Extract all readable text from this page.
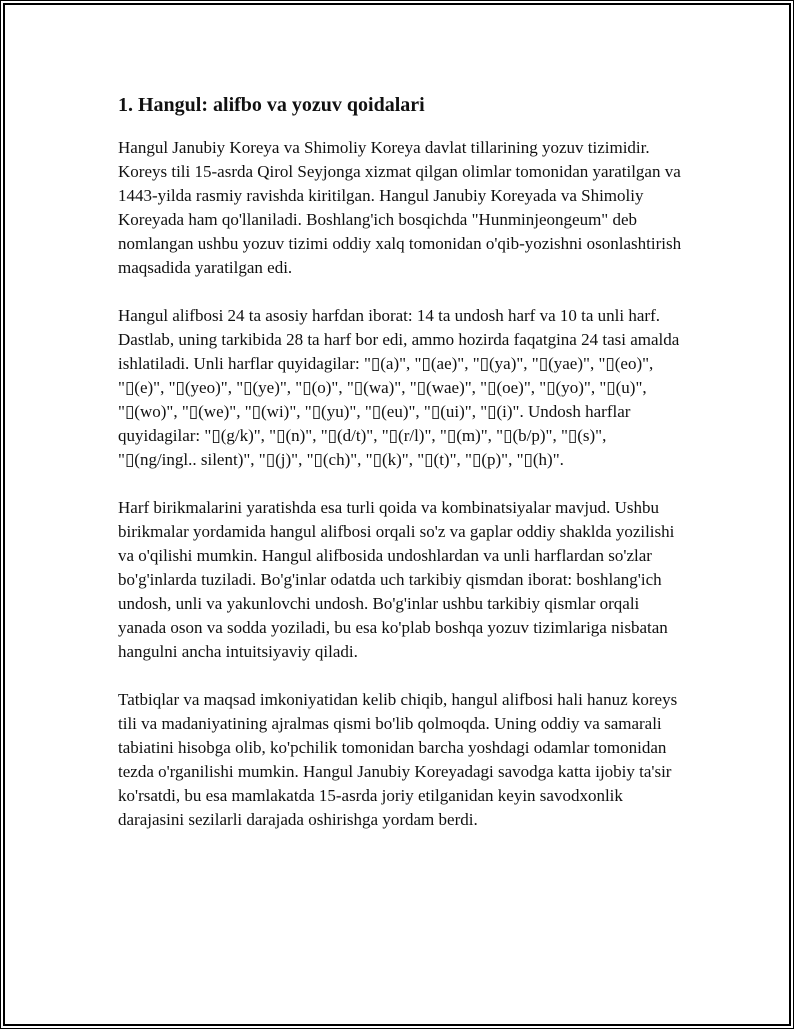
1. Hangul: alifbo va yozuv qoidalari

Hangul Janubiy Koreya va Shimoliy Koreya davlat tillarining yozuv tizimidir. Koreys tili 15-asrda Qirol Seyjonga xizmat qilgan olimlar tomonidan yaratilgan va 1443-yilda rasmiy ravishda kiritilgan. Hangul Janubiy Koreyada va Shimoliy Koreyada ham qo'llaniladi. Boshlang'ich bosqichda "Hunminjeongeum" deb nomlangan ushbu yozuv tizimi oddiy xalq tomonidan o'qib-yozishni osonlashtirish maqsadida yaratilgan edi.

Hangul alifbosi 24 ta asosiy harfdan iborat: 14 ta undosh harf va 10 ta unli harf. Dastlab, uning tarkibida 28 ta harf bor edi, ammo hozirda faqatgina 24 tasi amalda ishlatiladi. Unli harflar quyidagilar: "▯(a)", "▯(ae)", "▯(ya)", "▯(yae)", "▯(eo)", "▯(e)", "▯(yeo)", "▯(ye)", "▯(o)", "▯(wa)", "▯(wae)", "▯(oe)", "▯(yo)", "▯(u)", "▯(wo)", "▯(we)", "▯(wi)", "▯(yu)", "▯(eu)", "▯(ui)", "▯(i)". Undosh harflar quyidagilar: "▯(g/k)", "▯(n)", "▯(d/t)", "▯(r/l)", "▯(m)", "▯(b/p)", "▯(s)", "▯(ng/ingl.. silent)", "▯(j)", "▯(ch)", "▯(k)", "▯(t)", "▯(p)", "▯(h)".

Harf birikmalarini yaratishda esa turli qoida va kombinatsiyalar mavjud. Ushbu birikmalar yordamida hangul alifbosi orqali so'z va gaplar oddiy shaklda yozilishi va o'qilishi mumkin. Hangul alifbosida undoshlardan va unli harflardan so'zlar bo'g'inlarda tuziladi. Bo'g'inlar odatda uch tarkibiy qismdan iborat: boshlang'ich undosh, unli va yakunlovchi undosh. Bo'g'inlar ushbu tarkibiy qismlar orqali yanada oson va sodda yoziladi, bu esa ko'plab boshqa yozuv tizimlariga nisbatan hangulni ancha intuitsiyaviy qiladi.

Tatbiqlar va maqsad imkoniyatidan kelib chiqib, hangul alifbosi hali hanuz koreys tili va madaniyatining ajralmas qismi bo'lib qolmoqda. Uning oddiy va samarali tabiatini hisobga olib, ko'pchilik tomonidan barcha yoshdagi odamlar tomonidan tezda o'rganilishi mumkin. Hangul Janubiy Koreyadagi savodga katta ijobiy ta'sir ko'rsatdi, bu esa mamlakatda 15-asrda joriy etilganidan keyin savodxonlik darajasini sezilarli darajada oshirishga yordam berdi.
